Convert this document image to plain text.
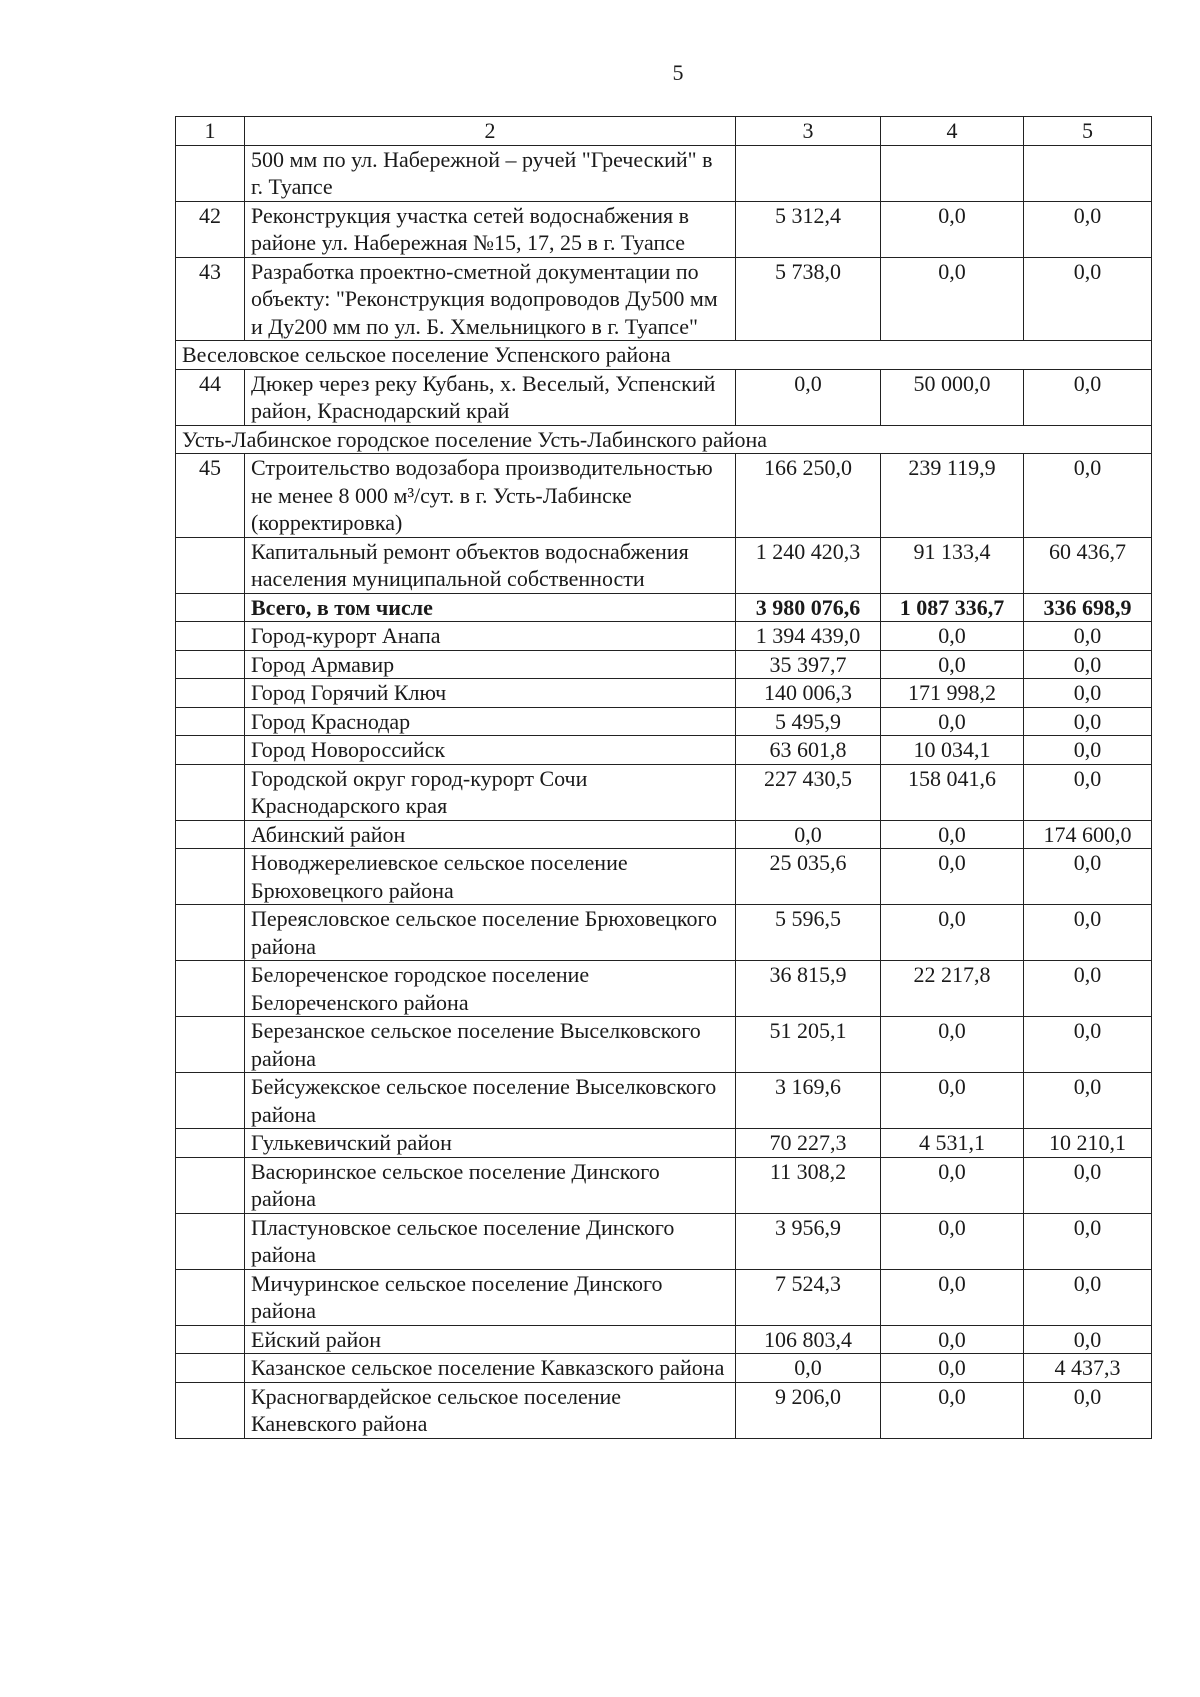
5
1	2	3	4	5
	500 мм по ул. Набережной – ручей "Греческий" в г. Туапсе			
42	Реконструкция участка сетей водоснабжения в районе ул. Набережная №15, 17, 25 в г. Туапсе	5 312,4	0,0	0,0
43	Разработка проектно-сметной документации по объекту: "Реконструкция водопроводов Ду500 мм и Ду200 мм по ул. Б. Хмельницкого в г. Туапсе"	5 738,0	0,0	0,0
Веселовское сельское поселение Успенского района				
44	Дюкер через реку Кубань, х. Веселый, Успенский район, Краснодарский край	0,0	50 000,0	0,0
Усть-Лабинское городское поселение Усть-Лабинского района				
45	Строительство водозабора производительностью не менее 8 000 м³/сут. в г. Усть-Лабинске (корректировка)	166 250,0	239 119,9	0,0
	Капитальный ремонт объектов водоснабжения населения муниципальной собственности	1 240 420,3	91 133,4	60 436,7
	Всего, в том числе	3 980 076,6	1 087 336,7	336 698,9
	Город-курорт Анапа	1 394 439,0	0,0	0,0
	Город Армавир	35 397,7	0,0	0,0
	Город Горячий Ключ	140 006,3	171 998,2	0,0
	Город Краснодар	5 495,9	0,0	0,0
	Город Новороссийск	63 601,8	10 034,1	0,0
	Городской округ город-курорт Сочи Краснодарского края	227 430,5	158 041,6	0,0
	Абинский район	0,0	0,0	174 600,0
	Новоджерелиевское сельское поселение Брюховецкого района	25 035,6	0,0	0,0
	Переясловское сельское поселение Брюховецкого района	5 596,5	0,0	0,0
	Белореченское городское поселение Белореченского района	36 815,9	22 217,8	0,0
	Березанское сельское поселение Выселковского района	51 205,1	0,0	0,0
	Бейсужекское сельское поселение Выселковского района	3 169,6	0,0	0,0
	Гулькевичский район	70 227,3	4 531,1	10 210,1
	Васюринское сельское поселение Динского района	11 308,2	0,0	0,0
	Пластуновское сельское поселение Динского района	3 956,9	0,0	0,0
	Мичуринское сельское поселение Динского района	7 524,3	0,0	0,0
	Ейский район	106 803,4	0,0	0,0
	Казанское сельское поселение Кавказского района	0,0	0,0	4 437,3
	Красногвардейское сельское поселение Каневского района	9 206,0	0,0	0,0
